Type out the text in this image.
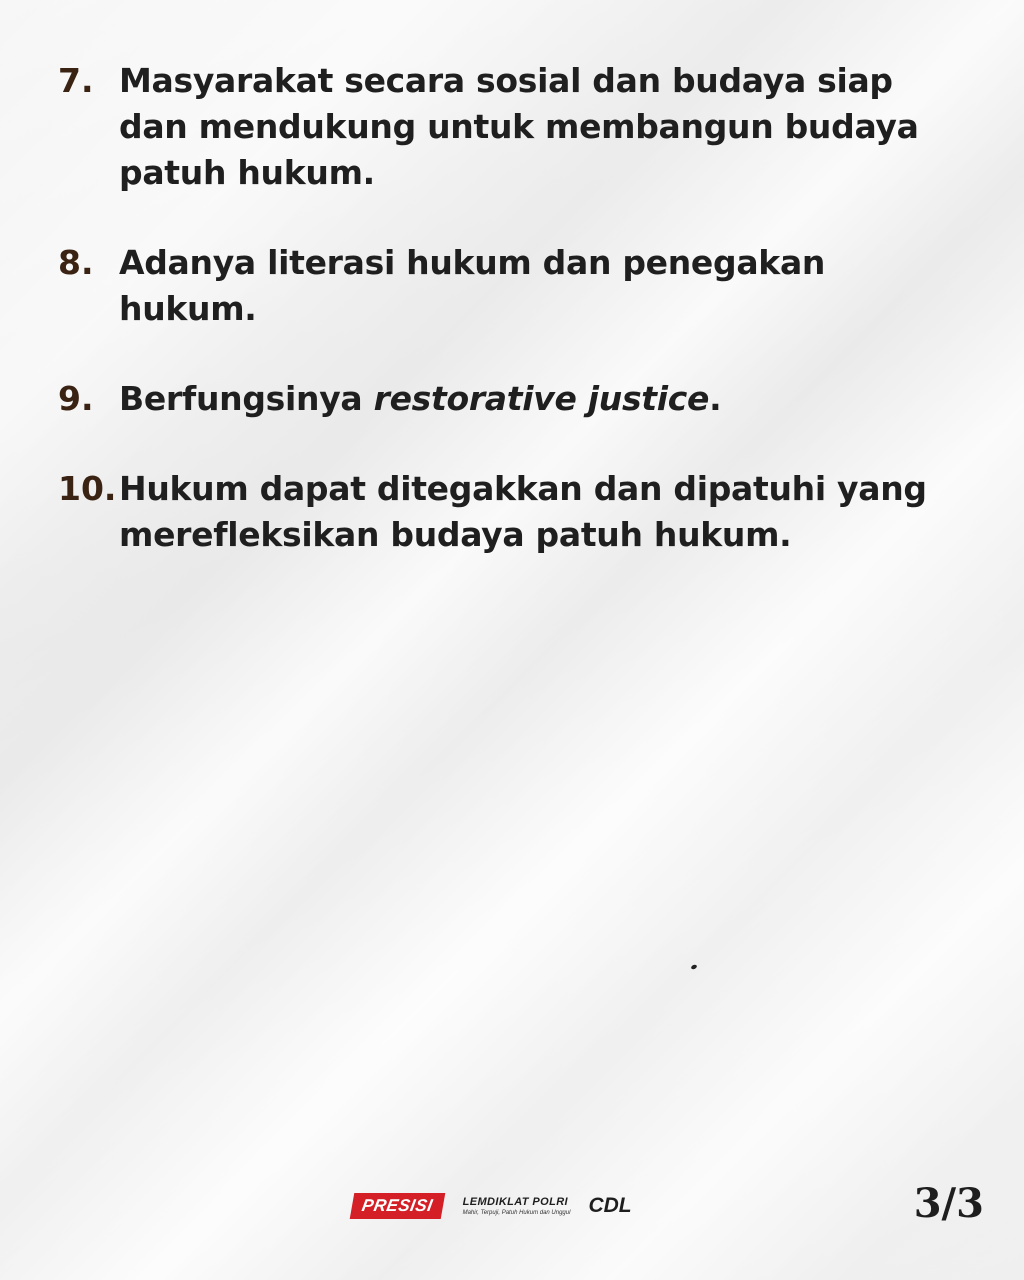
7. Masyarakat secara sosial dan budaya siap dan mendukung untuk membangun budaya patuh hukum.
8. Adanya literasi hukum dan penegakan hukum.
9. Berfungsinya restorative justice.
10. Hukum dapat ditegakkan dan dipatuhi yang merefleksikan budaya patuh hukum.
PRESISI	LEMDIKLAT POLRI
Mahir, Terpuji, Patuh Hukum dan Unggul CDL	3/3
